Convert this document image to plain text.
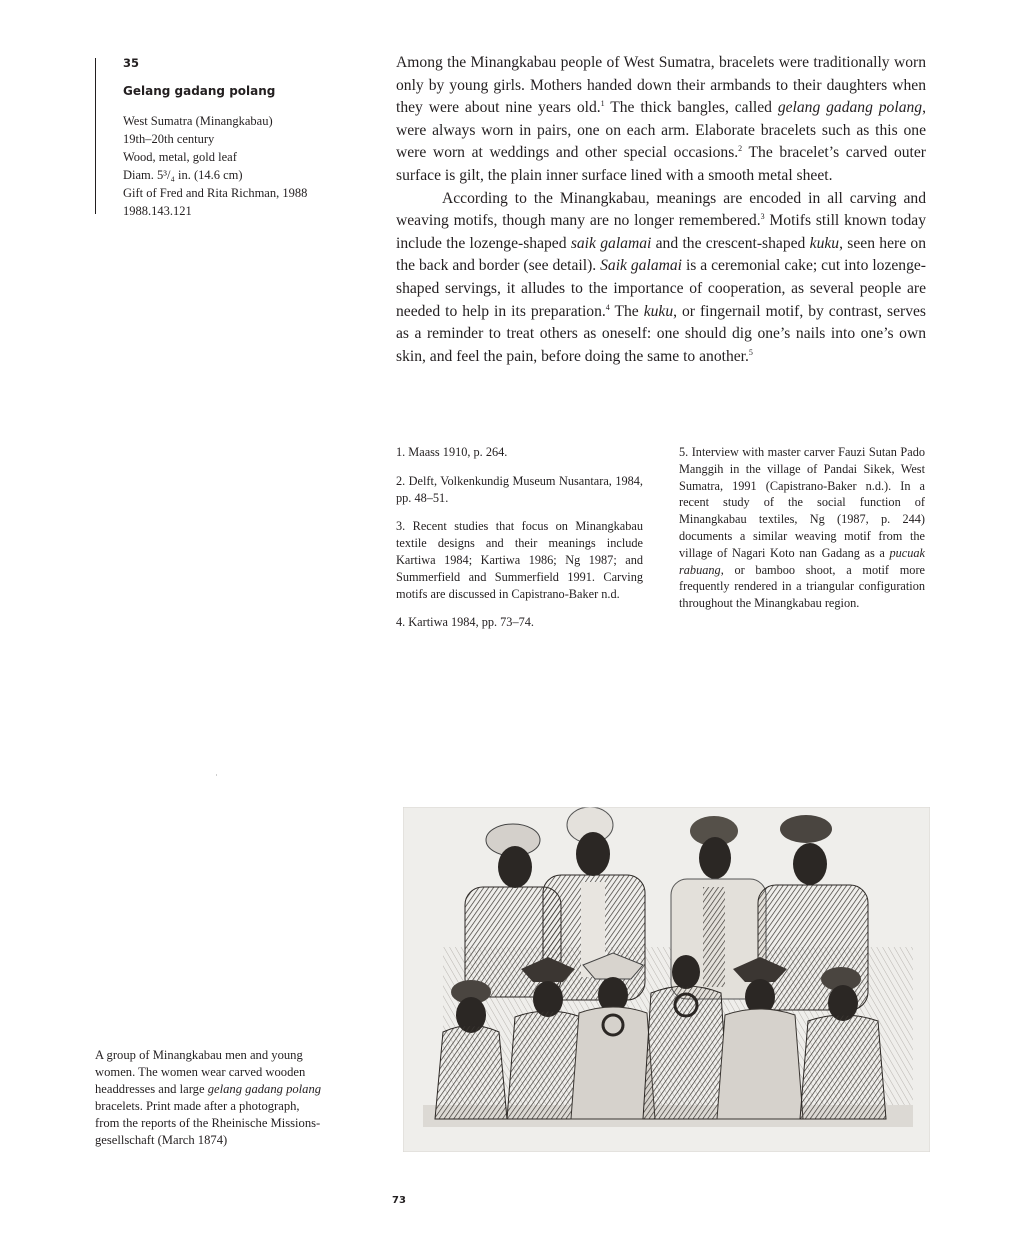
35
Gelang gadang polang
West Sumatra (Minangkabau)
19th–20th century
Wood, metal, gold leaf
Diam. 5³/₄ in. (14.6 cm)
Gift of Fred and Rita Richman, 1988
1988.143.121

Among the Minangkabau people of West Sumatra, bracelets were traditionally worn only by young girls. Mothers handed down their armbands to their daughters when they were about nine years old.$^1$ The thick bangles, called gelang gadang polang, were always worn in pairs, one on each arm. Elaborate bracelets such as this one were worn at weddings and other special occasions.$^2$ The bracelet’s carved outer surface is gilt, the plain inner surface lined with a smooth metal sheet.

According to the Minangkabau, meanings are encoded in all carving and weaving motifs, though many are no longer remembered.$^3$ Motifs still known today include the lozenge-shaped saik galamai and the crescent-shaped kuku, seen here on the back and border (see detail). Saik galamai is a ceremonial cake; cut into lozenge-shaped servings, it alludes to the importance of cooperation, as several people are needed to help in its preparation.$^4$ The kuku, or fingernail motif, by contrast, serves as a reminder to treat others as oneself: one should dig one’s nails into one’s own skin, and feel the pain, before doing the same to another.$^5$

1. Maass 1910, p. 264.

2. Delft, Volkenkundig Museum Nusantara, 1984, pp. 48–51.

3. Recent studies that focus on Minangkabau textile designs and their meanings include Kartiwa 1984; Kartiwa 1986; Ng 1987; and Summerfield and Summerfield 1991. Carving motifs are discussed in Capistrano-Baker n.d.

4. Kartiwa 1984, pp. 73–74.

5. Interview with master carver Fauzi Sutan Pado Manggih in the village of Pandai Sikek, West Sumatra, 1991 (Capistrano-Baker n.d.). In a recent study of the social function of Minangkabau textiles, Ng (1987, p. 244) documents a similar weaving motif from the village of Nagari Koto nan Gadang as a pucuak rabuang, or bamboo shoot, a motif more frequently rendered in a triangular configuration throughout the Minangkabau region.

A group of Minangkabau men and young
women. The women wear carved wooden
headdresses and large gelang gadang polang
bracelets. Print made after a photograph,
from the reports of the Rheinische Missions-
gesellschaft (March 1874)
73
